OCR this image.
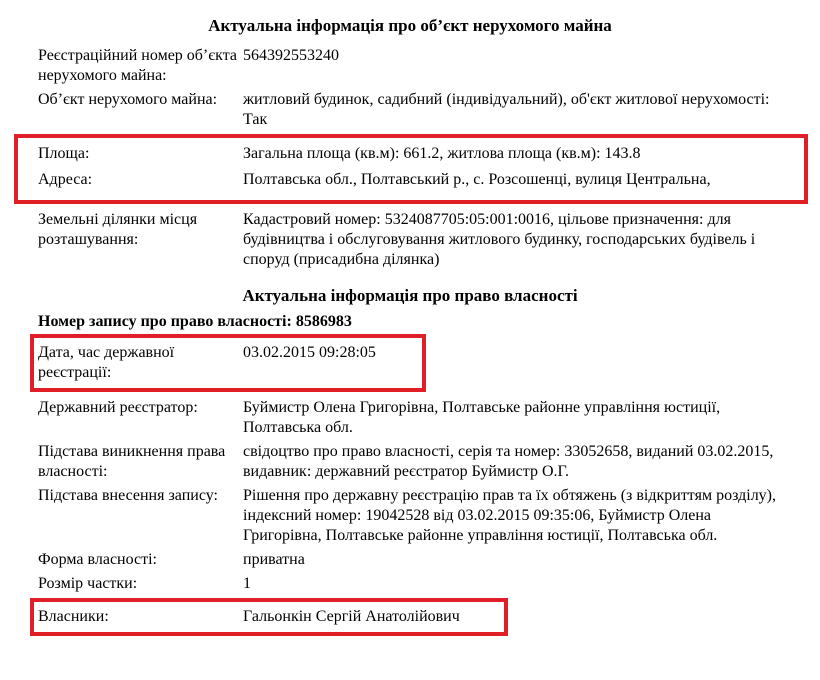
Актуальна інформація про об’єкт нерухомого майна
Реєстраційний номер об’єкта нерухомого майна:
564392553240
Об’єкт нерухомого майна:	житловий будинок, садибний (індивідуальний), об'єкт житлової нерухомості: Так
Площа:	Загальна площа (кв.м): 661.2, житлова площа (кв.м): 143.8
Адреса:	Полтавська обл., Полтавський р., с. Розсошенці, вулиця Центральна,
Земельні ділянки місця розташування:
Кадастровий номер: 5324087705:05:001:0016, цільове призначення: для будівництва і обслуговування житлового будинку, господарських будівель і споруд (присадибна ділянка)
Актуальна інформація про право власності
Номер запису про право власності: 8586983
Дата, час державної реєстрації:
03.02.2015 09:28:05
Державний реєстратор:	Буймистр Олена Григорівна, Полтавське районне управління юстиції, Полтавська обл.
Підстава виникнення права власності:
свідоцтво про право власності, серія та номер: 33052658, виданий 03.02.2015, видавник: державний реєстратор Буймистр О.Г.
Підстава внесення запису:	Рішення про державну реєстрацію прав та їх обтяжень (з відкриттям розділу), індексний номер: 19042528 від 03.02.2015 09:35:06, Буймистр Олена Григорівна, Полтавське районне управління юстиції, Полтавська обл.
Форма власності:	приватна
Розмір частки:	1
Власники:	Гальонкін Сергій Анатолійович
